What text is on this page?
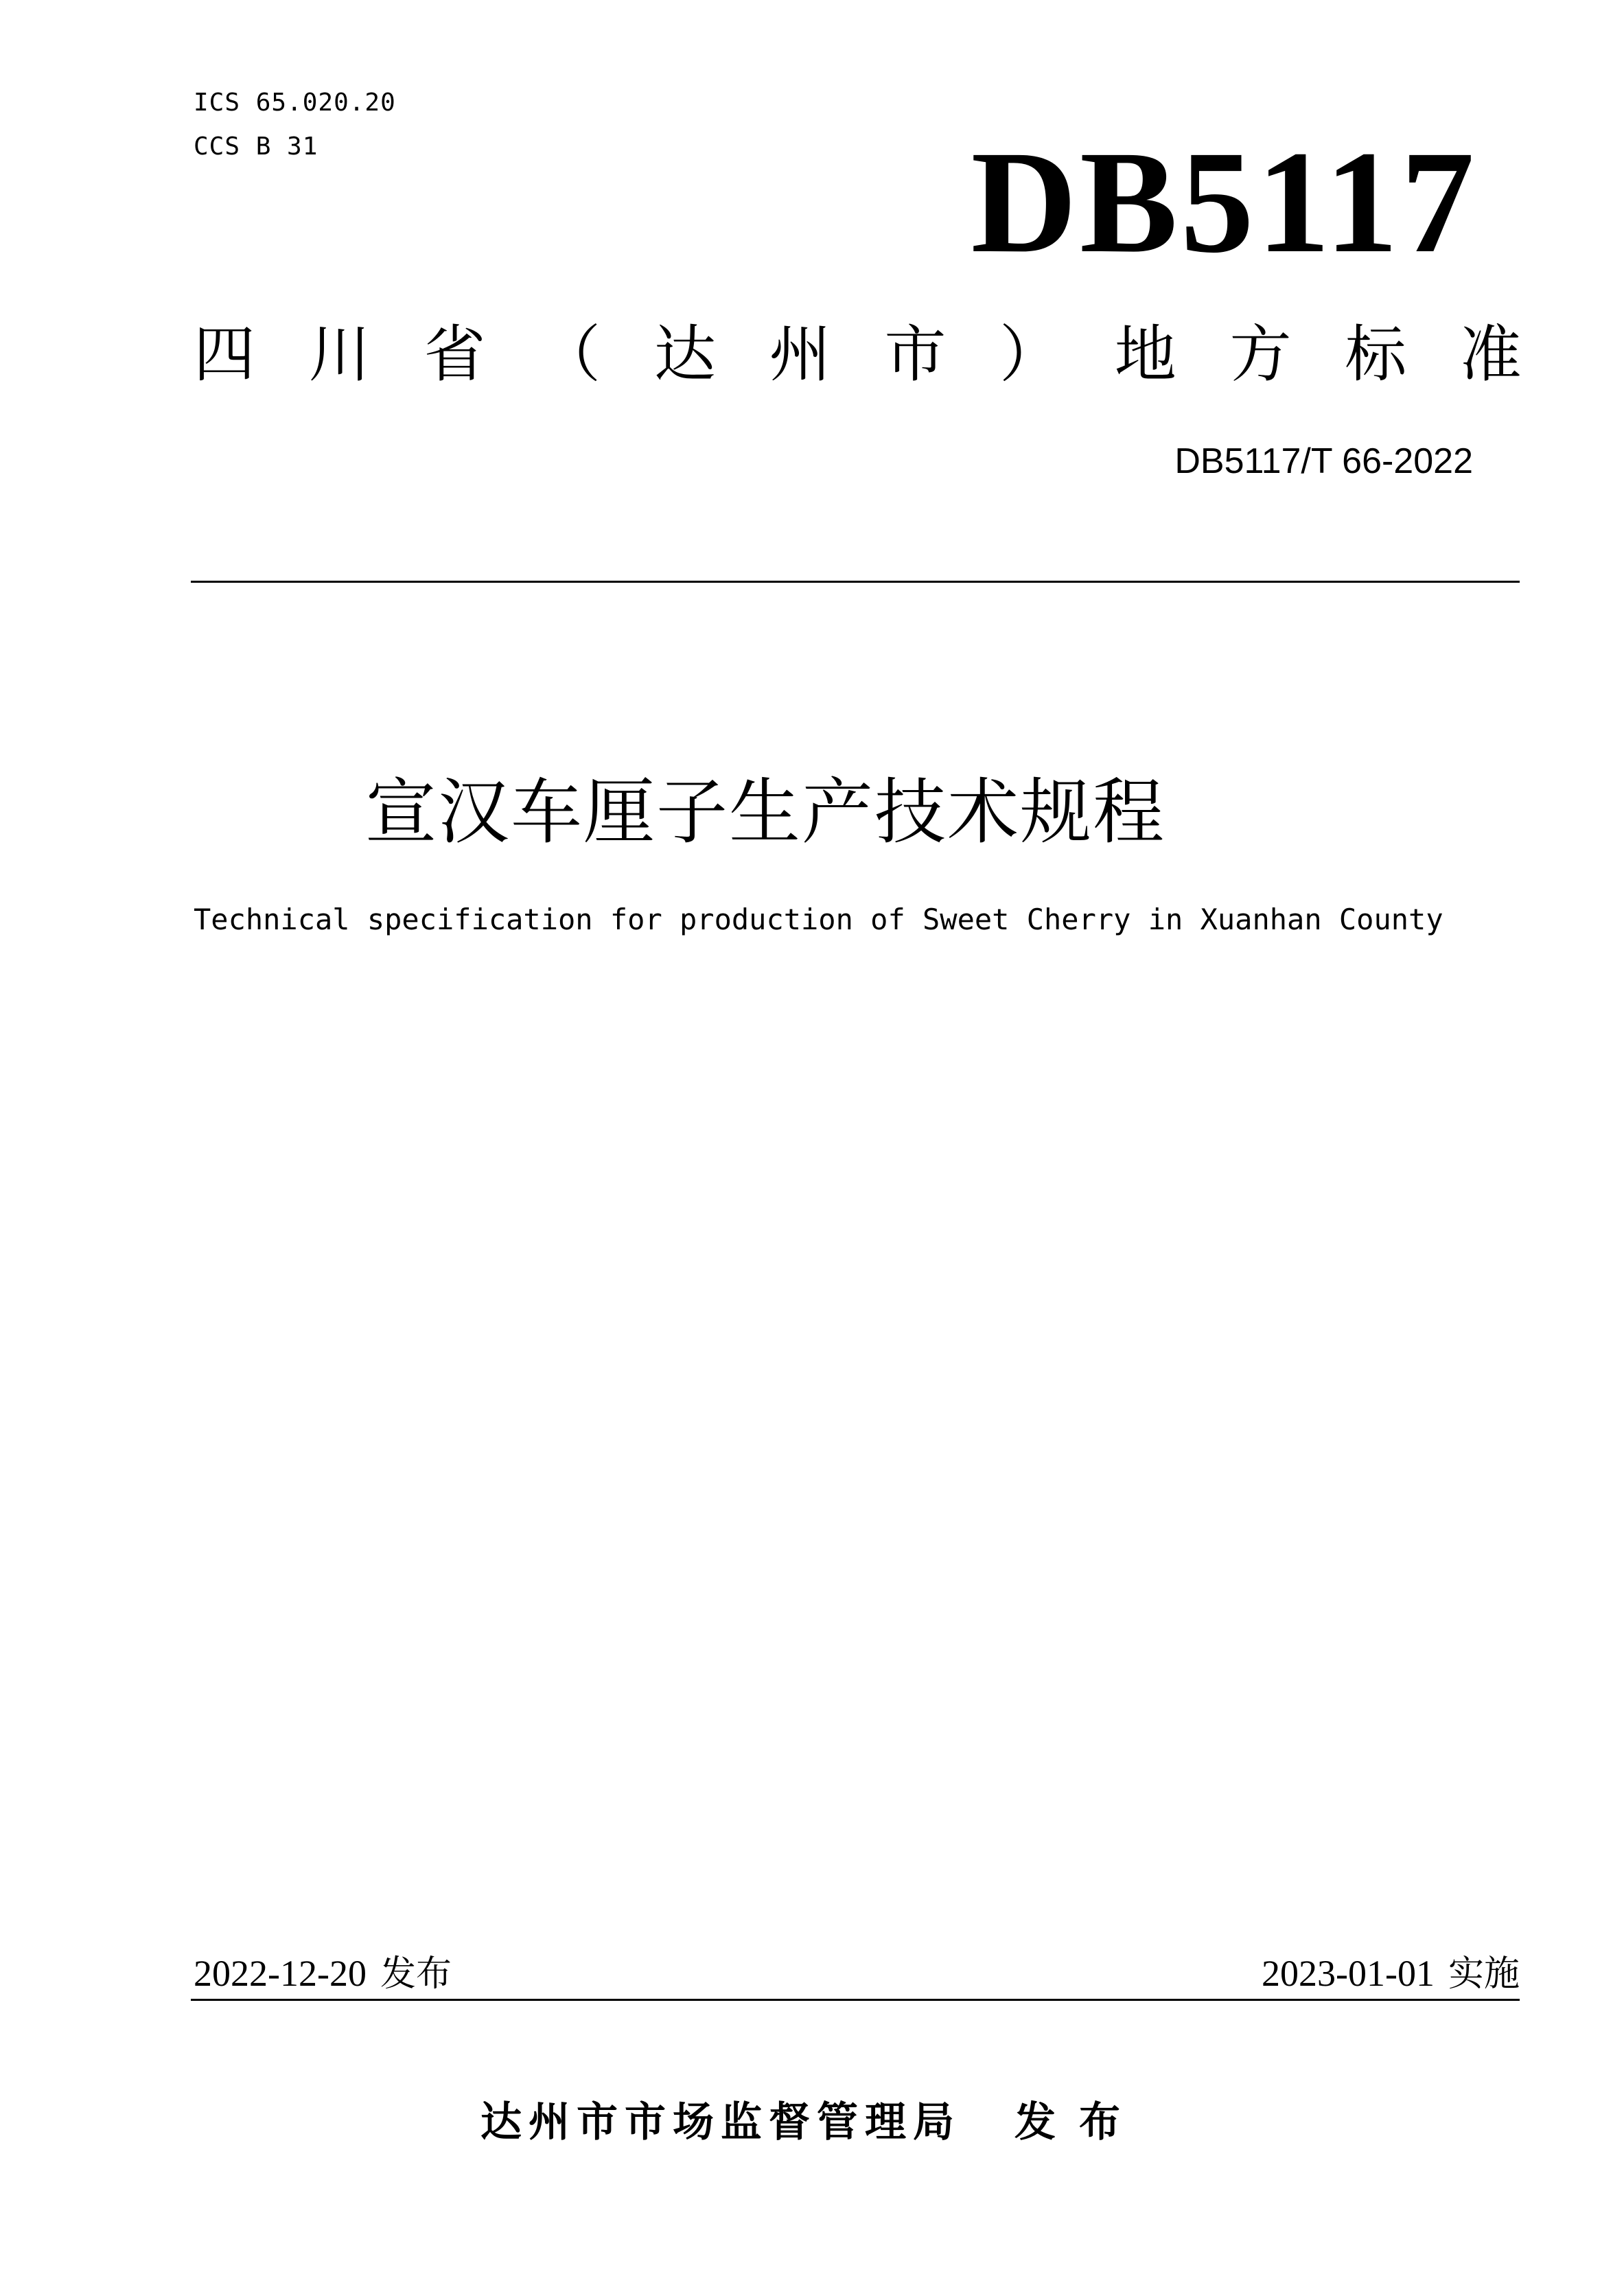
ICS 65.020.20
CCS B 31	DB5117
四 川 省 （ 达 州 市 ） 地 方 标 准
DB5117/T 66-2022
宣汉车厘子生产技术规程
Technical specification for production of Sweet Cherry in Xuanhan County
2022-12-20 发布	2023-01-01 实施
达州市市场监督管理局 发布
